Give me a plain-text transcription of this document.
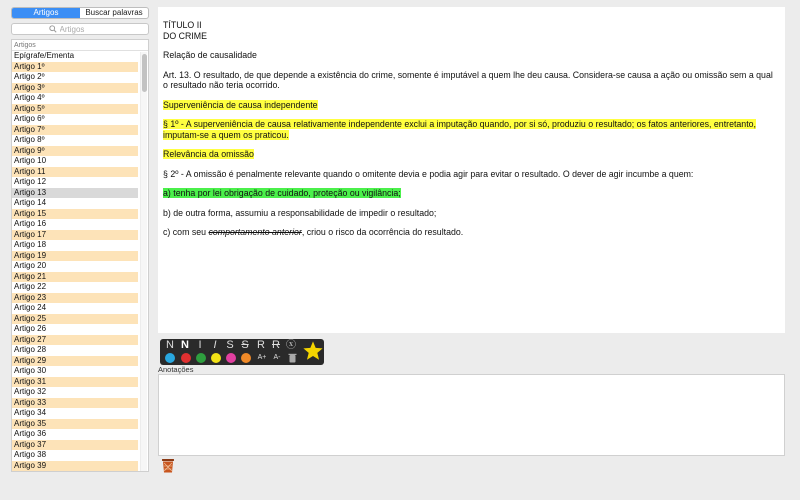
Artigos	Buscar palavras
Artigos
Artigos
Epígrafe/Ementa
Artigo 1º
Artigo 2º
Artigo 3º
Artigo 4º
Artigo 5º
Artigo 6º
Artigo 7º
Artigo 8º
Artigo 9º
Artigo 10
Artigo 11
Artigo 12
Artigo 13
Artigo 14
Artigo 15
Artigo 16
Artigo 17
Artigo 18
Artigo 19
Artigo 20
Artigo 21
Artigo 22
Artigo 23
Artigo 24
Artigo 25
Artigo 26
Artigo 27
Artigo 28
Artigo 29
Artigo 30
Artigo 31
Artigo 32
Artigo 33
Artigo 34
Artigo 35
Artigo 36
Artigo 37
Artigo 38
Artigo 39

TÍTULO II
DO CRIME

Relação de causalidade

Art. 13. O resultado, de que depende a existência do crime, somente é imputável a quem lhe deu causa. Considera-se causa a ação ou omissão sem a qual o resultado não teria ocorrido.

Superveniência de causa independente

§ 1º - A superveniência de causa relativamente independente exclui a imputação quando, por si só, produziu o resultado; os fatos anteriores, entretanto, imputam-se a quem os praticou.

Relevância da omissão

§ 2º - A omissão é penalmente relevante quando o omitente devia e podia agir para evitar o resultado. O dever de agir incumbe a quem:

a) tenha por lei obrigação de cuidado, proteção ou vigilância;

b) de outra forma, assumiu a responsabilidade de impedir o resultado;

c) com seu comportamento anterior, criou o risco da ocorrência do resultado.

N N I	I S S R R ⓧ
A+	A-
Anotações
